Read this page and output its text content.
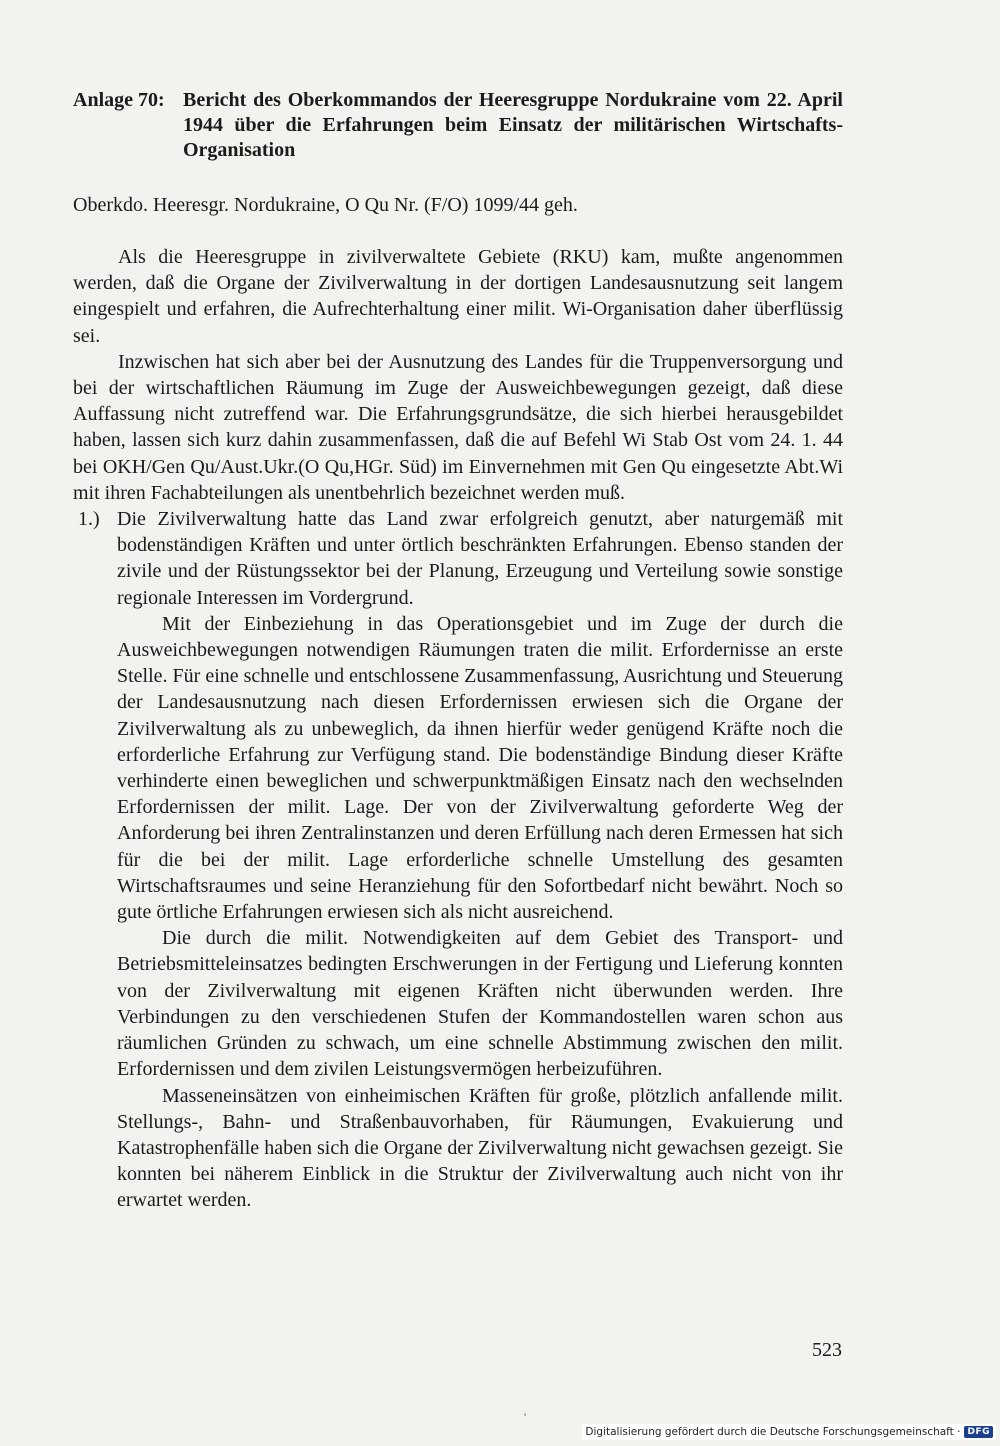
Anlage 70: Bericht des Oberkommandos der Heeresgruppe Nordukraine vom 22. April 1944 über die Erfahrungen beim Einsatz der militärischen Wirtschafts-Organisation
Oberkdo. Heeresgr. Nordukraine, O Qu Nr. (F/O) 1099/44 geh.

Als die Heeresgruppe in zivilverwaltete Gebiete (RKU) kam, mußte angenommen werden, daß die Organe der Zivilverwaltung in der dortigen Landesausnutzung seit langem eingespielt und erfahren, die Aufrechterhaltung einer milit. Wi-Organisation daher überflüssig sei.

Inzwischen hat sich aber bei der Ausnutzung des Landes für die Truppenversorgung und bei der wirtschaftlichen Räumung im Zuge der Ausweichbewegungen gezeigt, daß diese Auffassung nicht zutreffend war. Die Erfahrungsgrundsätze, die sich hierbei herausgebildet haben, lassen sich kurz dahin zusammenfassen, daß die auf Befehl Wi Stab Ost vom 24. 1. 44 bei OKH/Gen Qu/Aust.Ukr.(O Qu,HGr. Süd) im Einvernehmen mit Gen Qu eingesetzte Abt.Wi mit ihren Fachabteilungen als unentbehrlich bezeichnet werden muß.

1.) Die Zivilverwaltung hatte das Land zwar erfolgreich genutzt, aber naturgemäß mit bodenständigen Kräften und unter örtlich beschränkten Erfahrungen. Ebenso standen der zivile und der Rüstungssektor bei der Planung, Erzeugung und Verteilung sowie sonstige regionale Interessen im Vordergrund.

Mit der Einbeziehung in das Operationsgebiet und im Zuge der durch die Ausweichbewegungen notwendigen Räumungen traten die milit. Erfordernisse an erste Stelle. Für eine schnelle und entschlossene Zusammenfassung, Ausrichtung und Steuerung der Landesausnutzung nach diesen Erfordernissen erwiesen sich die Organe der Zivilverwaltung als zu unbeweglich, da ihnen hierfür weder genügend Kräfte noch die erforderliche Erfahrung zur Verfügung stand. Die bodenständige Bindung dieser Kräfte verhinderte einen beweglichen und schwerpunktmäßigen Einsatz nach den wechselnden Erfordernissen der milit. Lage. Der von der Zivilverwaltung geforderte Weg der Anforderung bei ihren Zentralinstanzen und deren Erfüllung nach deren Ermessen hat sich für die bei der milit. Lage erforderliche schnelle Umstellung des gesamten Wirtschaftsraumes und seine Heranziehung für den Sofortbedarf nicht bewährt. Noch so gute örtliche Erfahrungen erwiesen sich als nicht ausreichend.

Die durch die milit. Notwendigkeiten auf dem Gebiet des Transport- und Betriebsmitteleinsatzes bedingten Erschwerungen in der Fertigung und Lieferung konnten von der Zivilverwaltung mit eigenen Kräften nicht überwunden werden. Ihre Verbindungen zu den verschiedenen Stufen der Kommandostellen waren schon aus räumlichen Gründen zu schwach, um eine schnelle Abstimmung zwischen den milit. Erfordernissen und dem zivilen Leistungsvermögen herbeizuführen.

Masseneinsätzen von einheimischen Kräften für große, plötzlich anfallende milit. Stellungs-, Bahn- und Straßenbauvorhaben, für Räumungen, Evakuierung und Katastrophenfälle haben sich die Organe der Zivilverwaltung nicht gewachsen gezeigt. Sie konnten bei näherem Einblick in die Struktur der Zivilverwaltung auch nicht von ihr erwartet werden.

523
'
Digitalisierung gefördert durch die Deutsche Forschungsgemeinschaft · DFG
